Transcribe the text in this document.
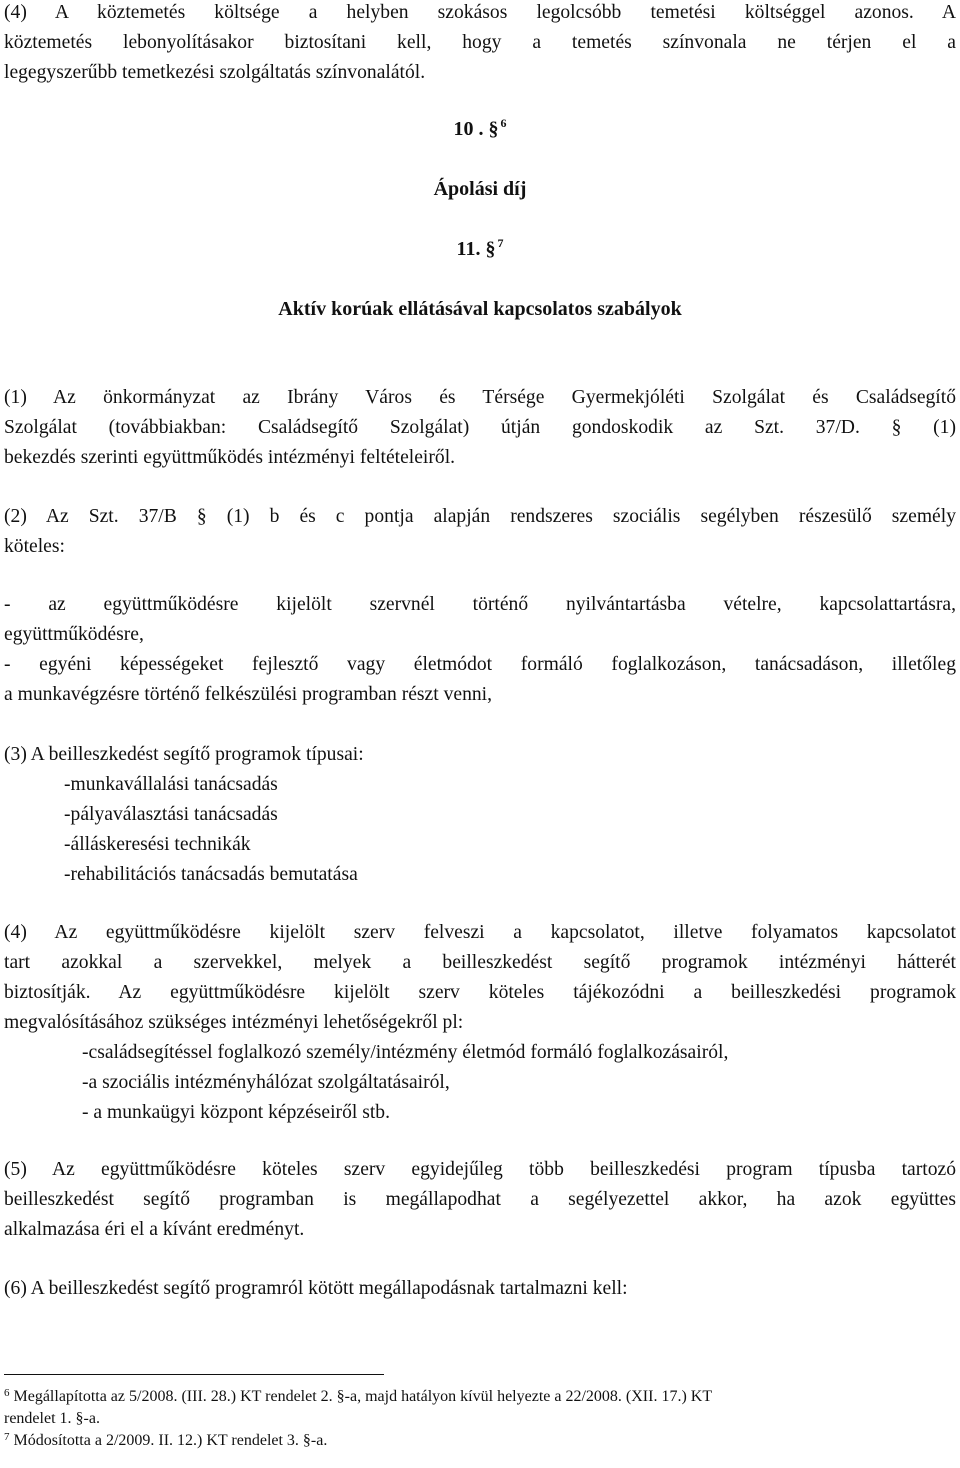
(4) A köztemetés költsége a helyben szokásos legolcsóbb temetési költséggel azonos. A

köztemetés lebonyolításakor biztosítani kell, hogy a temetés színvonala ne térjen el a

legegyszerűbb temetkezési szolgáltatás színvonalától.

10 . § $^6$

Ápolási díj

11. § $^7$

Aktív korúak ellátásával kapcsolatos szabályok

(1) Az önkormányzat az Ibrány Város és Térsége Gyermekjóléti Szolgálat és Családsegítő

Szolgálat (továbbiakban: Családsegítő Szolgálat) útján gondoskodik az Szt. 37/D. § (1)

bekezdés szerinti együttműködés intézményi feltételeiről.

(2) Az Szt. 37/B § (1) b és c pontja alapján rendszeres szociális segélyben részesülő személy

köteles:

- az együttműködésre kijelölt szervnél történő nyilvántartásba vételre, kapcsolattartásra,

együttműködésre,

- egyéni képességeket fejlesztő vagy életmódot formáló foglalkozáson, tanácsadáson, illetőleg

a munkavégzésre történő felkészülési programban részt venni,

(3) A beilleszkedést segítő programok típusai:

-munkavállalási tanácsadás

-pályaválasztási tanácsadás

-álláskeresési technikák

-rehabilitációs tanácsadás bemutatása

(4) Az együttműködésre kijelölt szerv felveszi a kapcsolatot, illetve folyamatos kapcsolatot

tart azokkal a szervekkel, melyek a beilleszkedést segítő programok intézményi hátterét

biztosítják. Az együttműködésre kijelölt szerv köteles tájékozódni a beilleszkedési programok

megvalósításához szükséges intézményi lehetőségekről pl:

-családsegítéssel foglalkozó személy/intézmény életmód formáló foglalkozásairól,

-a szociális intézményhálózat szolgáltatásairól,

- a munkaügyi központ képzéseiről stb.

(5) Az együttműködésre köteles szerv egyidejűleg több beilleszkedési program típusba tartozó

beilleszkedést segítő programban is megállapodhat a segélyezettel akkor, ha azok együttes

alkalmazása éri el a kívánt eredményt.

(6) A beilleszkedést segítő programról kötött megállapodásnak tartalmazni kell:

$^6$ Megállapította az 5/2008. (III. 28.) KT rendelet 2. §-a, majd hatályon kívül helyezte a 22/2008. (XII. 17.) KT
rendelet 1. §-a.
$^7$ Módosította a 2/2009. II. 12.) KT rendelet 3. §-a.
